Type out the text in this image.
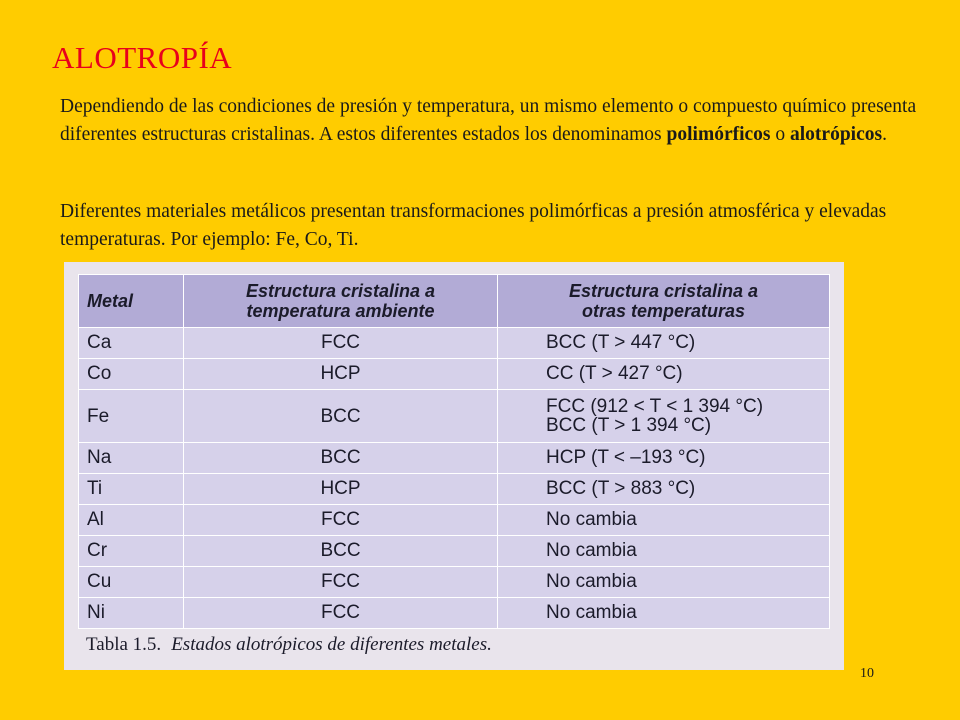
ALOTROPÍA
Dependiendo de las condiciones de presión y temperatura, un mismo elemento o compuesto químico presenta diferentes estructuras cristalinas. A estos diferentes estados los denominamos polimórficos o alotrópicos.
Diferentes materiales metálicos presentan transformaciones polimórficas a presión atmosférica y elevadas temperaturas. Por ejemplo: Fe, Co, Ti.
Metal	Estructura cristalina a temperatura ambiente	Estructura cristalina a otras temperaturas
Ca	FCC	BCC (T > 447 °C)
Co	HCP	CC (T > 427 °C)
Fe	BCC	FCC (912 < T < 1 394 °C)
BCC (T > 1 394 °C)

Na	BCC	HCP (T < –193 °C)
Ti	HCP	BCC (T > 883 °C)
Al	FCC	No cambia
Cr	BCC	No cambia
Cu	FCC	No cambia
Ni	FCC	No cambia
Tabla 1.5. Estados alotrópicos de diferentes metales.
10
